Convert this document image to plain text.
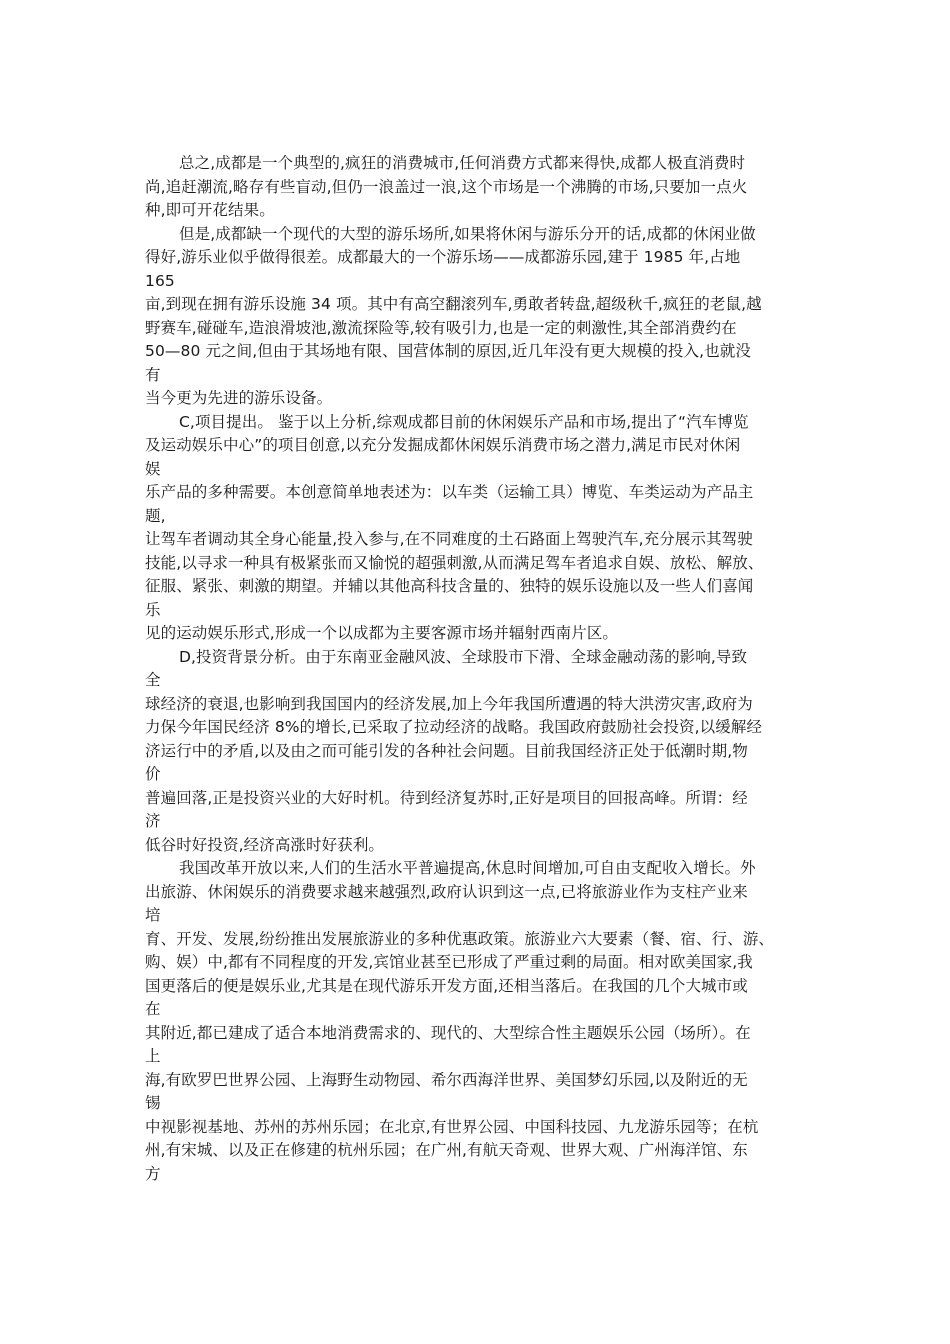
总之,成都是一个典型的,疯狂的消费城市,任何消费方式都来得快,成都人极直消费时
尚,追赶潮流,略存有些盲动,但仍一浪盖过一浪,这个市场是一个沸腾的市场,只要加一点火
种,即可开花结果。
但是,成都缺一个现代的大型的游乐场所,如果将休闲与游乐分开的话,成都的休闲业做
得好,游乐业似乎做得很差。成都最大的一个游乐场——成都游乐园,建于 1985 年,占地
165
亩,到现在拥有游乐设施 34 项。其中有高空翻滚列车,勇敢者转盘,超级秋千,疯狂的老鼠,越
野赛车,碰碰车,造浪滑坡池,激流探险等,较有吸引力,也是一定的刺激性,其全部消费约在
50—80 元之间,但由于其场地有限、国营体制的原因,近几年没有更大规模的投入,也就没
有
当今更为先进的游乐设备。
C,项目提出。 鉴于以上分析,综观成都目前的休闲娱乐产品和市场,提出了“汽车博览
及运动娱乐中心”的项目创意,以充分发掘成都休闲娱乐消费市场之潜力,满足市民对休闲
娱
乐产品的多种需要。本创意简单地表述为：以车类（运输工具）博览、车类运动为产品主
题,
让驾车者调动其全身心能量,投入参与,在不同难度的土石路面上驾驶汽车,充分展示其驾驶
技能,以寻求一种具有极紧张而又愉悦的超强刺激,从而满足驾车者追求自娱、放松、解放、
征服、紧张、刺激的期望。并辅以其他高科技含量的、独特的娱乐设施以及一些人们喜闻
乐
见的运动娱乐形式,形成一个以成都为主要客源市场并辐射西南片区。
D,投资背景分析。由于东南亚金融风波、全球股市下滑、全球金融动荡的影响,导致
全
球经济的衰退,也影响到我国国内的经济发展,加上今年我国所遭遇的特大洪涝灾害,政府为
力保今年国民经济 8%的增长,已采取了拉动经济的战略。我国政府鼓励社会投资,以缓解经
济运行中的矛盾,以及由之而可能引发的各种社会问题。目前我国经济正处于低潮时期,物
价
普遍回落,正是投资兴业的大好时机。待到经济复苏时,正好是项目的回报高峰。所谓：经
济
低谷时好投资,经济高涨时好获利。
我国改革开放以来,人们的生活水平普遍提高,休息时间增加,可自由支配收入增长。外
出旅游、休闲娱乐的消费要求越来越强烈,政府认识到这一点,已将旅游业作为支柱产业来
培
育、开发、发展,纷纷推出发展旅游业的多种优惠政策。旅游业六大要素（餐、宿、行、游、
购、娱）中,都有不同程度的开发,宾馆业甚至已形成了严重过剩的局面。相对欧美国家,我
国更落后的便是娱乐业,尤其是在现代游乐开发方面,还相当落后。在我国的几个大城市或
在
其附近,都已建成了适合本地消费需求的、现代的、大型综合性主题娱乐公园（场所）。在
上
海,有欧罗巴世界公园、上海野生动物园、希尔西海洋世界、美国梦幻乐园,以及附近的无
锡
中视影视基地、苏州的苏州乐园；在北京,有世界公园、中国科技园、九龙游乐园等；在杭
州,有宋城、以及正在修建的杭州乐园；在广州,有航天奇观、世界大观、广州海洋馆、东
方
